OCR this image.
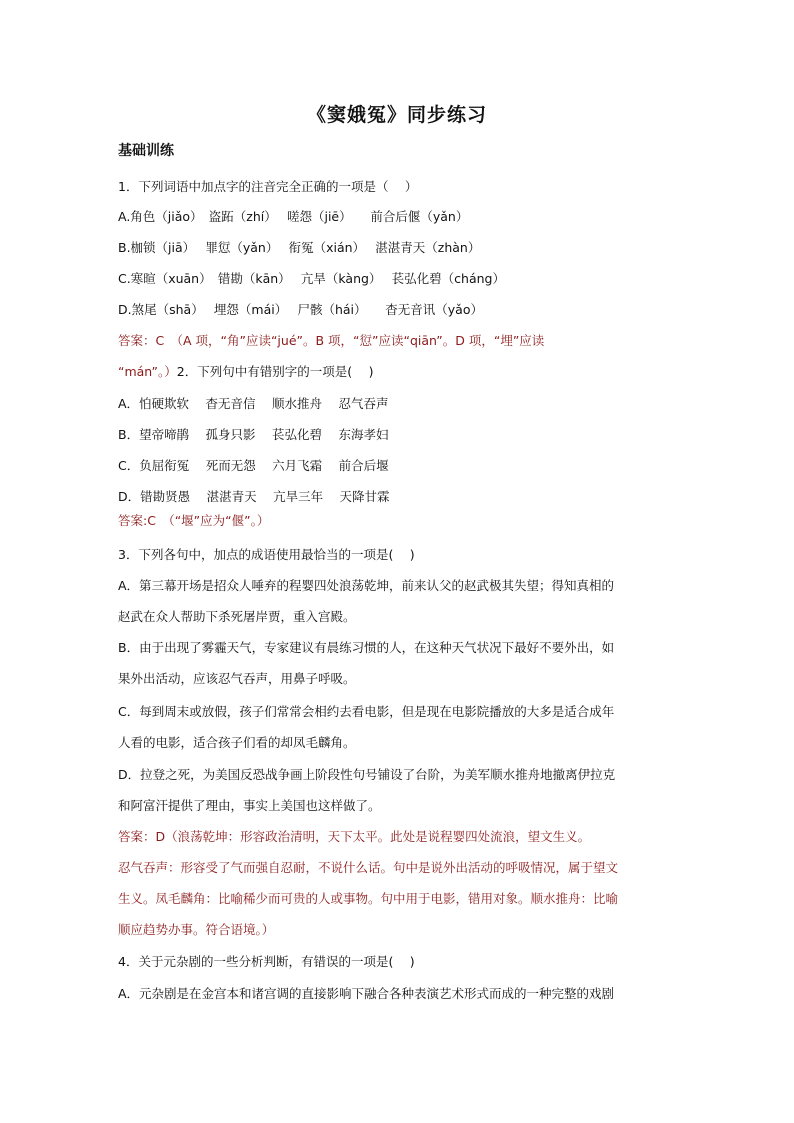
《窦娥冤》同步练习
基础训练
1．下列词语中加点字的注音完全正确的一项是（　 ）
A.角色（jiǎo）　盗跖（zhí）　 嗟怨（jiē）　　前合后偃（yǎn）
B.枷锁（jiā）　 罪愆（yǎn）　 衔冤（xián）　 湛湛青天（zhàn）
C.寒暄（xuān）　错勘（kān）　 亢旱（kàng）　 苌弘化碧（cháng）
D.煞尾（shā）　 埋怨（mái）　 尸骸（hái）　　杳无音讯（yǎo）
答案：C　（A 项，“角”应读“jué”。B 项，“愆”应读“qiān”。D 项，“埋”应读
“mán”。）2．下列句中有错别字的一项是(　 )
A．怕硬欺软　 杳无音信　 顺水推舟　 忍气吞声
B．望帝啼鹃　 孤身只影　 苌弘化碧　 东海孝妇
C．负屈衔冤　 死而无怨　 六月飞霜　 前合后堰
D．错勘贤愚　 湛湛青天　 亢旱三年　 天降甘霖
答案:C　（“堰”应为“偃”。）
3．下列各句中，加点的成语使用最恰当的一项是(　 )
A．第三幕开场是招众人唾弃的程婴四处浪荡乾坤，前来认父的赵武极其失望；得知真相的
赵武在众人帮助下杀死屠岸贾，重入宫殿。
B．由于出现了雾霾天气，专家建议有晨练习惯的人，在这种天气状况下最好不要外出，如
果外出活动，应该忍气吞声，用鼻子呼吸。
C．每到周末或放假，孩子们常常会相约去看电影，但是现在电影院播放的大多是适合成年
人看的电影，适合孩子们看的却凤毛麟角。
D．拉登之死，为美国反恐战争画上阶段性句号铺设了台阶，为美军顺水推舟地撤离伊拉克
和阿富汗提供了理由，事实上美国也这样做了。
答案：D（浪荡乾坤：形容政治清明，天下太平。此处是说程婴四处流浪，望文生义。
忍气吞声：形容受了气而强自忍耐，不说什么话。句中是说外出活动的呼吸情况，属于望文
生义。凤毛麟角：比喻稀少而可贵的人或事物。句中用于电影，错用对象。顺水推舟：比喻
顺应趋势办事。符合语境。）
4．关于元杂剧的一些分析判断，有错误的一项是(　 )
A．元杂剧是在金宫本和诸宫调的直接影响下融合各种表演艺术形式而成的一种完整的戏剧
